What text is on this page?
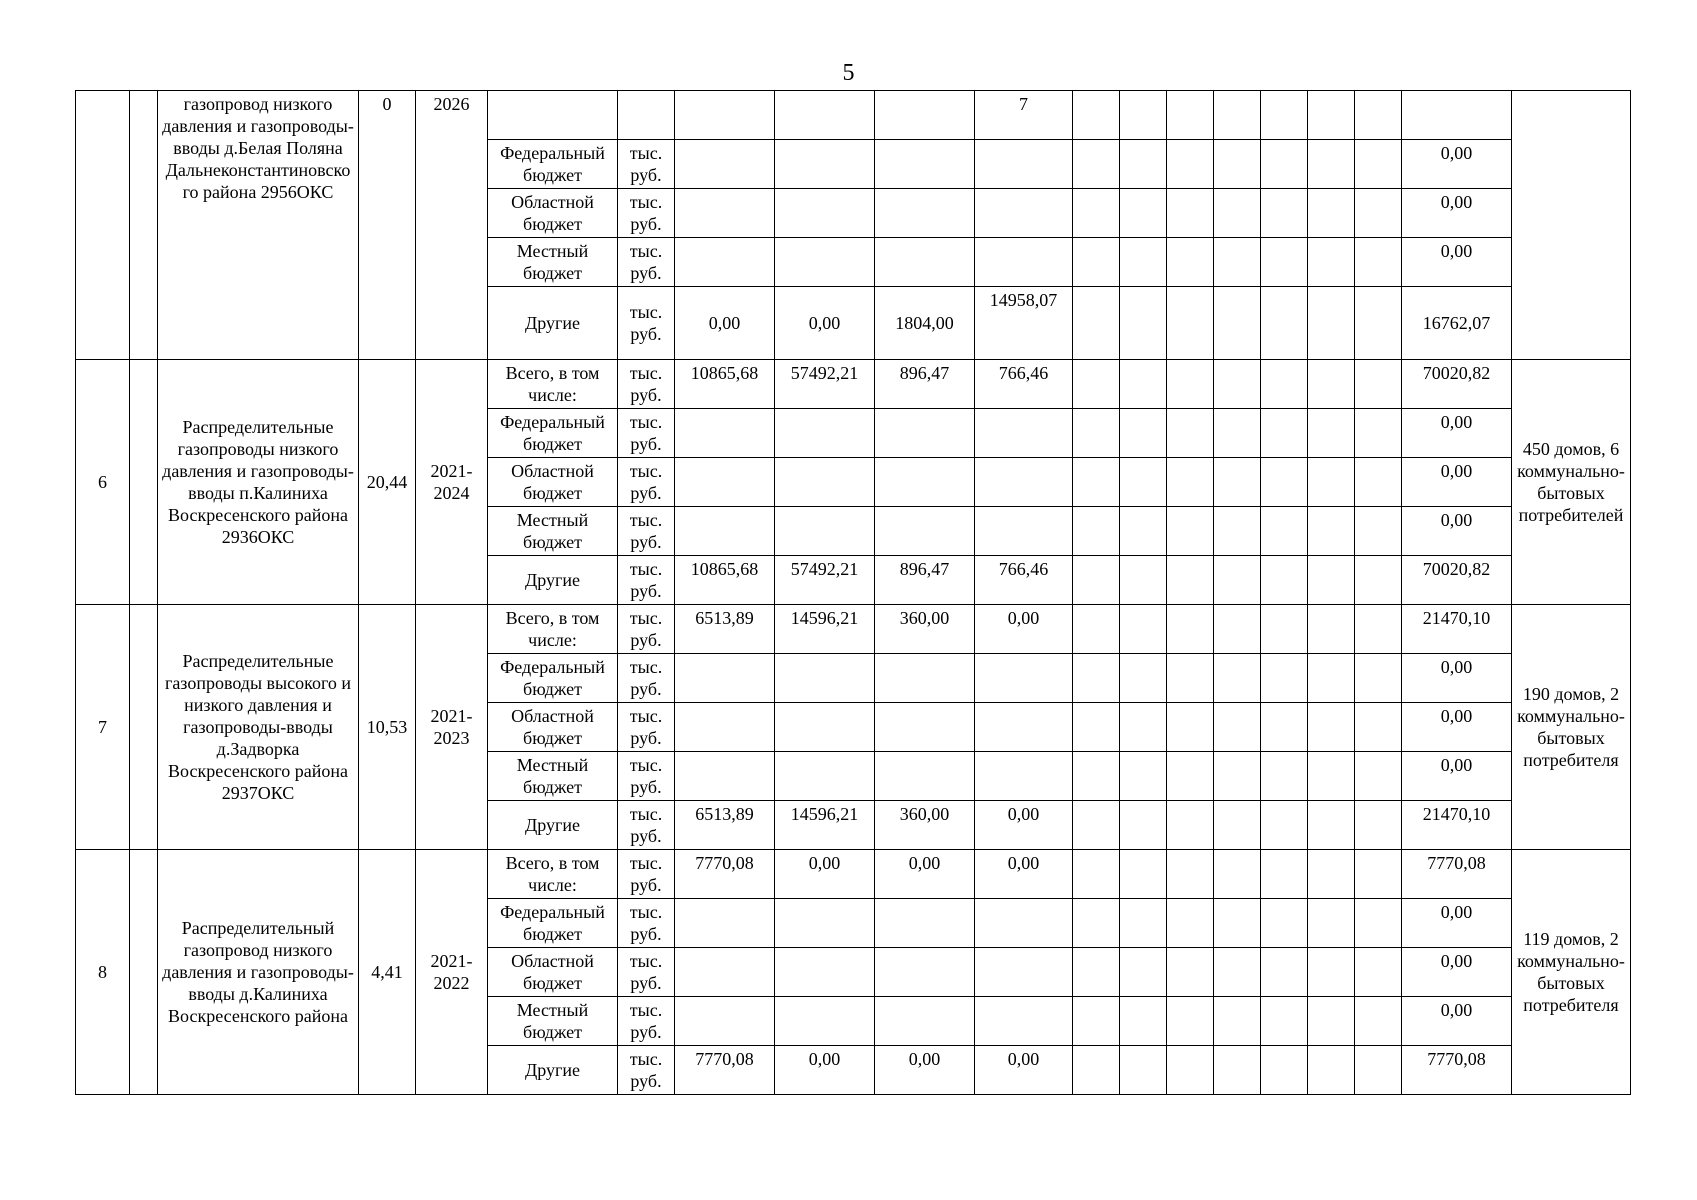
5
		газопровод низкого давления и газопроводы-вводы д.Белая Поляна Дальнеконстантиновского района 2956ОКС	0	2026						7									
					Федеральный бюджет	тыс. руб.												0,00	
					Областной бюджет	тыс. руб.												0,00	
					Местный бюджет	тыс. руб.												0,00	
					Другие	тыс. руб.	0,00	0,00	1804,00	14958,07								16762,07	
6		Распределительные газопроводы низкого давления и газопроводы-вводы п.Калиниха Воскресенского района 2936ОКС	20,44	2021-2024	Всего, в том числе:	тыс. руб.	10865,68	57492,21	896,47	766,46								70020,82	450 домов, 6 коммунально-бытовых потребителей
					Федеральный бюджет	тыс. руб.												0,00	
					Областной бюджет	тыс. руб.												0,00	
					Местный бюджет	тыс. руб.												0,00	
					Другие	тыс. руб.	10865,68	57492,21	896,47	766,46								70020,82	
7		Распределительные газопроводы высокого и низкого давления и газопроводы-вводы д.Задворка Воскресенского района 2937ОКС	10,53	2021-2023	Всего, в том числе:	тыс. руб.	6513,89	14596,21	360,00	0,00								21470,10	190 домов, 2 коммунально-бытовых потребителя
					Федеральный бюджет	тыс. руб.												0,00	
					Областной бюджет	тыс. руб.												0,00	
					Местный бюджет	тыс. руб.												0,00	
					Другие	тыс. руб.	6513,89	14596,21	360,00	0,00								21470,10	
8		Распределительный газопровод низкого давления и газопроводы-вводы д.Калиниха Воскресенского района	4,41	2021-2022	Всего, в том числе:	тыс. руб.	7770,08	0,00	0,00	0,00								7770,08	119 домов, 2 коммунально-бытовых потребителя
					Федеральный бюджет	тыс. руб.												0,00	
					Областной бюджет	тыс. руб.												0,00	
					Местный бюджет	тыс. руб.												0,00	
					Другие	тыс. руб.	7770,08	0,00	0,00	0,00								7770,08	
